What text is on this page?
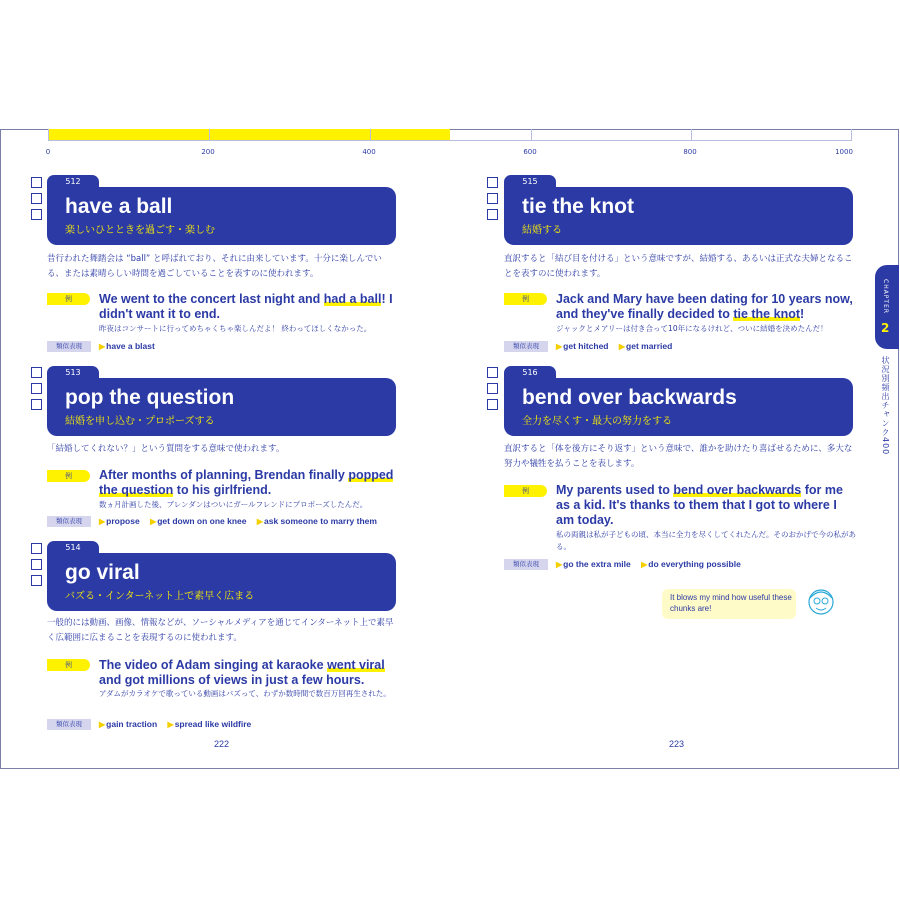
0	200	400	600	800	1000
512
have a ball
楽しいひとときを過ごす・楽しむ
昔行われた舞踏会は “ball” と呼ばれており、それに由来しています。十分に楽しんでいる、または素晴らしい時間を過ごしていることを表すのに使われます。
例	We went to the concert last night and had a ball! I didn't want it to end.
昨夜はコンサートに行ってめちゃくちゃ楽しんだよ！ 終わってほしくなかった。
類似表現	▶have a blast
513
pop the question
結婚を申し込む・プロポーズする
「結婚してくれない？」という質問をする意味で使われます。
例	After months of planning, Brendan finally popped the question to his girlfriend.
数ヵ月計画した後、ブレンダンはついにガールフレンドにプロポーズしたんだ。
類似表現	▶propose ▶get down on one knee ▶ask someone to marry them
514
go viral
バズる・インターネット上で素早く広まる
一般的には動画、画像、情報などが、ソーシャルメディアを通じてインターネット上で素早く広範囲に広まることを表現するのに使われます。
例	The video of Adam singing at karaoke went viral and got millions of views in just a few hours.
アダムがカラオケで歌っている動画はバズって、わずか数時間で数百万回再生された。
類似表現	▶gain traction ▶spread like wildfire
515
tie the knot
結婚する
直訳すると「結び目を付ける」という意味ですが、結婚する、あるいは正式な夫婦となることを表すのに使われます。
例	Jack and Mary have been dating for 10 years now, and they've finally decided to tie the knot!
ジャックとメアリーは付き合って10年になるけれど、ついに結婚を決めたんだ！
類似表現	▶get hitched ▶get married
516
bend over backwards
全力を尽くす・最大の努力をする
直訳すると「体を後方にそり返す」という意味で、誰かを助けたり喜ばせるために、多大な努力や犠牲を払うことを表します。
例	My parents used to bend over backwards for me as a kid. It's thanks to them that I got to where I am today.
私の両親は私が子どもの頃、本当に全力を尽くしてくれたんだ。そのおかげで今の私がある。
類似表現	▶go the extra mile ▶do everything possible
It blows my mind how useful these chunks are!
222	223
CHAPTER
2
状況別頻出チャンク400
